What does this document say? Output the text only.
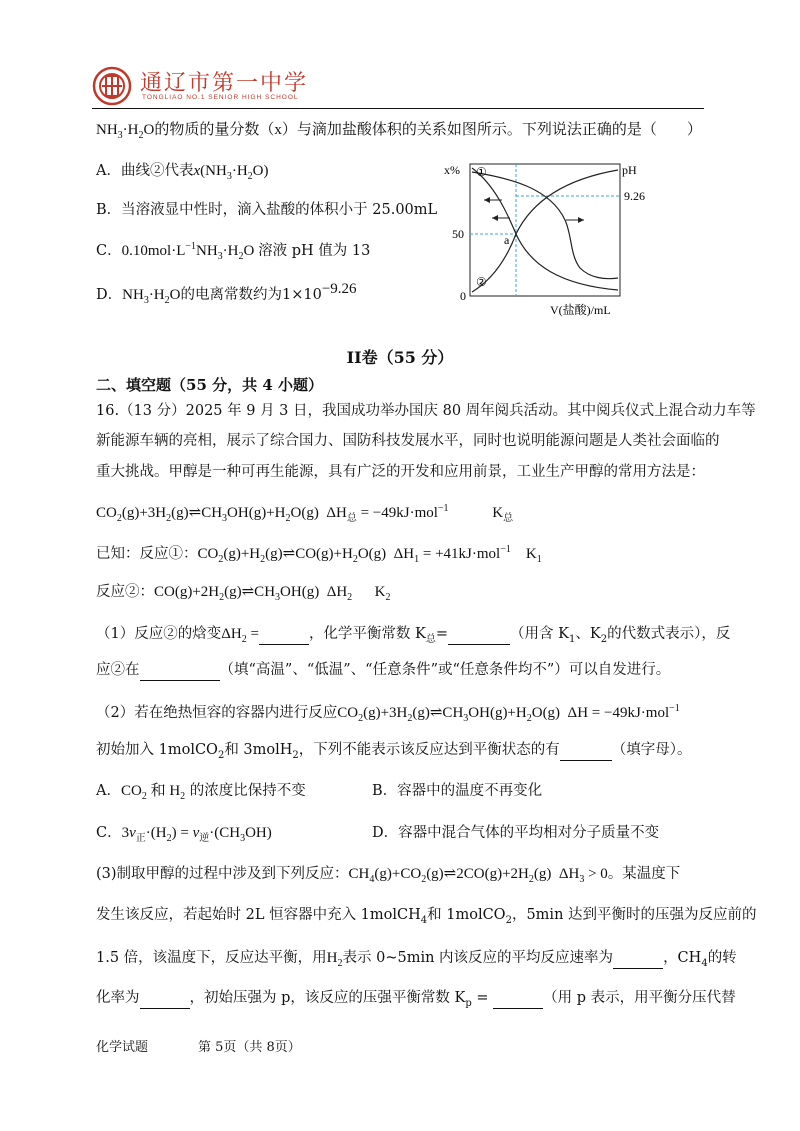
通辽市第一中学
TONGLIAO NO.1 SENIOR HIGH SCHOOL
$NH_3\cdot H_2O$的物质的量分数（x）与滴加盐酸体积的关系如图所示。下列说法正确的是（　　）
A．曲线②代表$x(NH_3\cdot H_2O)$
B．当溶液显中性时，滴入盐酸的体积小于 25.00mL
C．$0.10mol\cdot L^{-1}NH_3\cdot H_2O$ 溶液 pH 值为 13
D．$NH_3\cdot H_2O$的电离常数约为$1\times 10^{-9.26}$
x%	pH
①
②
50
0
9.26
a
V(盐酸)/mL
II卷（55 分）
二、填空题（55 分，共 4 小题）
16.（13 分）2025 年 9 月 3 日，我国成功举办国庆 80 周年阅兵活动。其中阅兵仪式上混合动力车等
新能源车辆的亮相，展示了综合国力、国防科技发展水平，同时也说明能源问题是人类社会面临的
重大挑战。甲醇是一种可再生能源，具有广泛的开发和应用前景，工业生产甲醇的常用方法是：
$CO_2(g)+3H_2(g)\rightleftharpoons CH_3OH(g)+H_2O(g) \Delta H_总 = -49kJ\cdot mol^{-1}$	$K_总$
已知：反应①：$CO_2(g)+H_2(g)\rightleftharpoons CO(g)+H_2O(g) \Delta H_1 = +41kJ\cdot mol^{-1}$ $K_1$
反应②：$CO(g)+2H_2(g)\rightleftharpoons CH_3OH(g)$  $\Delta H_2$ $K_2$
（1）反应②的焓变$\Delta H_2$ =	，化学平衡常数 $K_总=$	（用含 $K_1$、$K_2$的代数式表示），反
应②在	（填“高温”、“低温”、“任意条件”或“任意条件均不”）可以自发进行。
（2）若在绝热恒容的容器内进行反应$CO_2(g)+3H_2(g)\rightleftharpoons CH_3OH(g)+H_2O(g) \Delta H = -49kJ\cdot mol^{-1}$
初始加入 1molCO$_2$和 3molH$_2$，下列不能表示该反应达到平衡状态的有	（填字母）。
A．$CO_2$ 和 $H_2$ 的浓度比保持不变	B．容器中的温度不再变化
C．$3v_正\cdot(H_2) = v_逆\cdot(CH_3OH)$	D．容器中混合气体的平均相对分子质量不变
(3)制取甲醇的过程中涉及到下列反应：$CH_4(g)+CO_2(g)\rightleftharpoons 2CO(g)+2H_2(g) \Delta H_3 > 0$。某温度下
发生该反应，若起始时 2L 恒容器中充入 1molCH$_4$和 1molCO$_2$，5min 达到平衡时的压强为反应前的
1.5 倍，该温度下，反应达平衡，用$H_2$表示 0~5min 内该反应的平均反应速率为	，$CH_4$的转
化率为	，初始压强为 p，该反应的压强平衡常数 $K_p$ =	（用 p 表示，用平衡分压代替
化学试题	第 5页（共 8页）
